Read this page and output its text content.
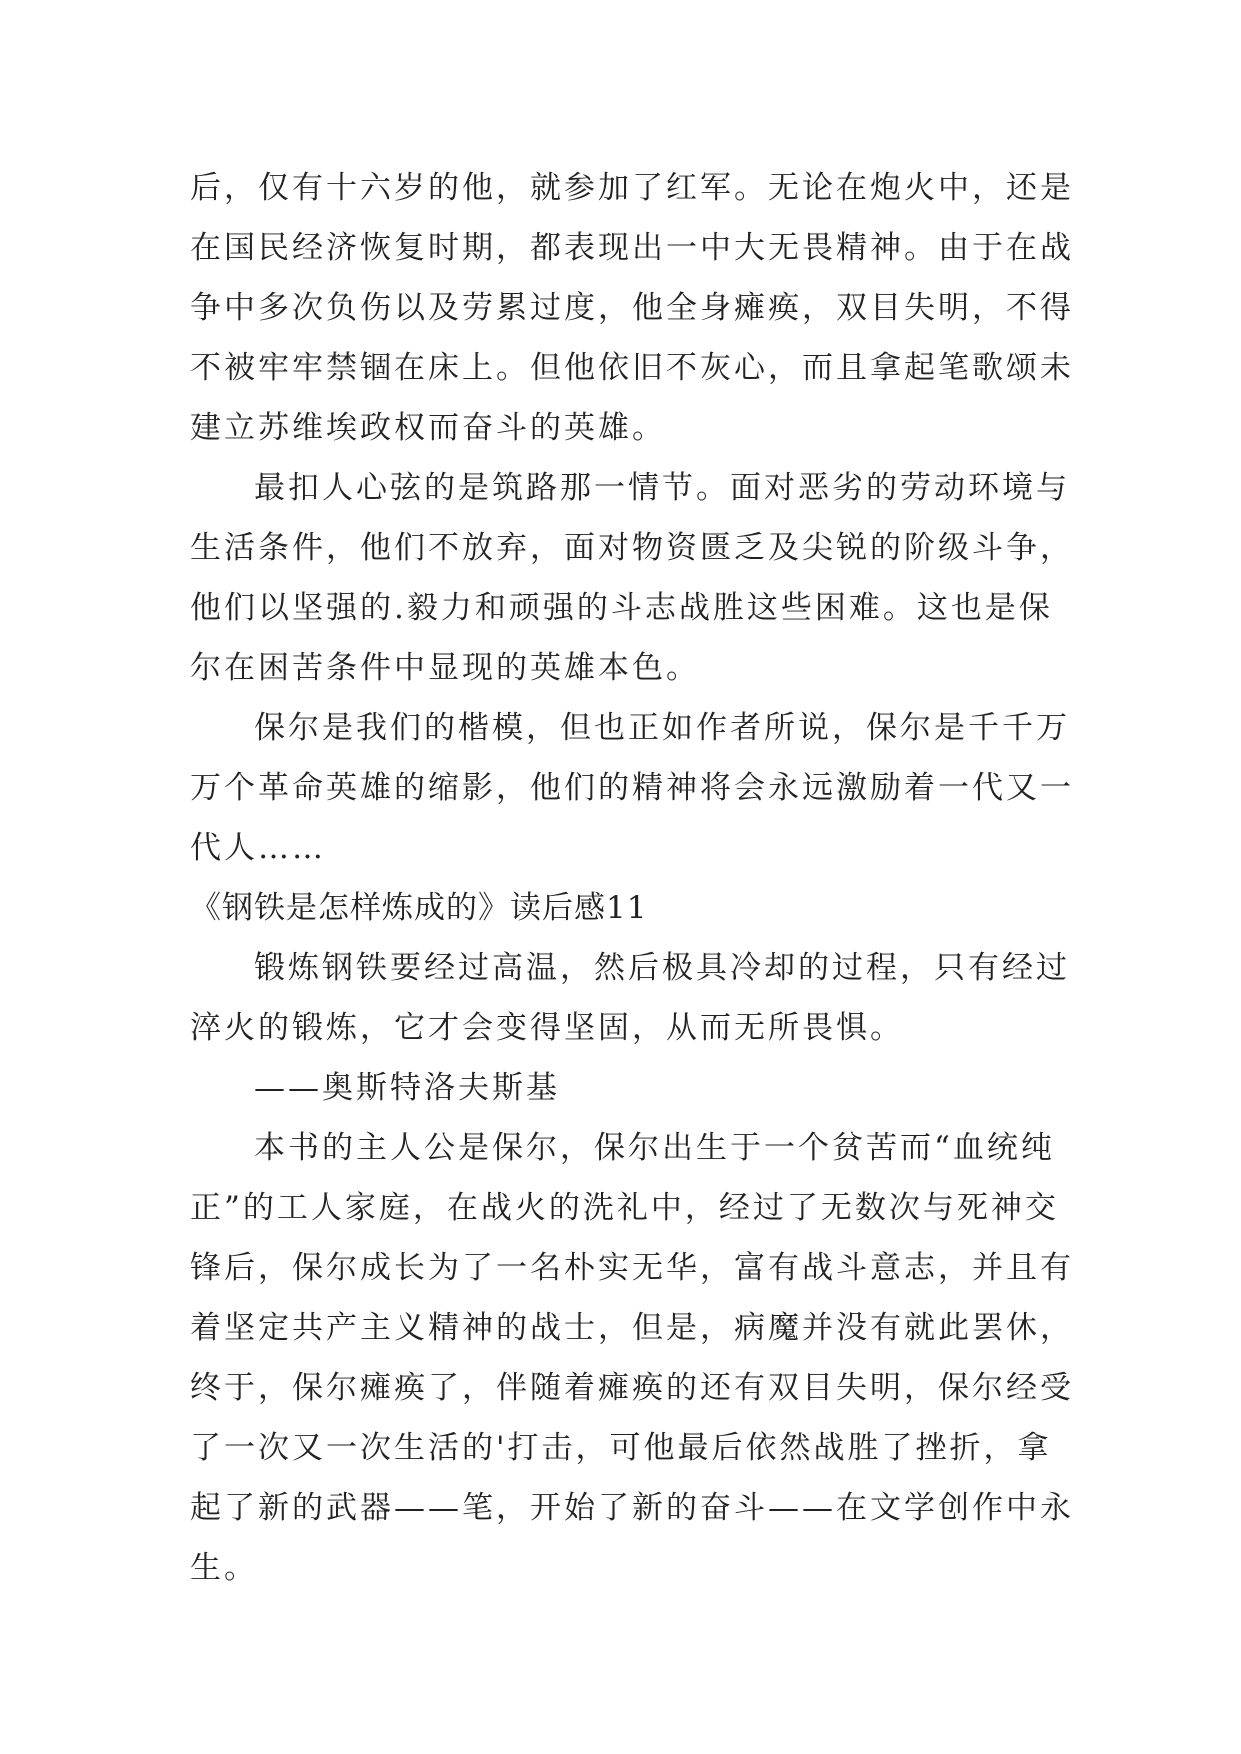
后，仅有十六岁的他，就参加了红军。无论在炮火中，还是
在国民经济恢复时期，都表现出一中大无畏精神。由于在战
争中多次负伤以及劳累过度，他全身瘫痪，双目失明，不得
不被牢牢禁锢在床上。但他依旧不灰心，而且拿起笔歌颂未
建立苏维埃政权而奋斗的英雄。
最扣人心弦的是筑路那一情节。面对恶劣的劳动环境与
生活条件，他们不放弃，面对物资匮乏及尖锐的阶级斗争，
他们以坚强的.毅力和顽强的斗志战胜这些困难。这也是保
尔在困苦条件中显现的英雄本色。
保尔是我们的楷模，但也正如作者所说，保尔是千千万
万个革命英雄的缩影，他们的精神将会永远激励着一代又一
代人……
《钢铁是怎样炼成的》读后感11
锻炼钢铁要经过高温，然后极具冷却的过程，只有经过
淬火的锻炼，它才会变得坚固，从而无所畏惧。
——奥斯特洛夫斯基
本书的主人公是保尔，保尔出生于一个贫苦而“血统纯
正”的工人家庭，在战火的洗礼中，经过了无数次与死神交
锋后，保尔成长为了一名朴实无华，富有战斗意志，并且有
着坚定共产主义精神的战士，但是，病魔并没有就此罢休，
终于，保尔瘫痪了，伴随着瘫痪的还有双目失明，保尔经受
了一次又一次生活的'打击，可他最后依然战胜了挫折，拿
起了新的武器——笔，开始了新的奋斗——在文学创作中永
生。
